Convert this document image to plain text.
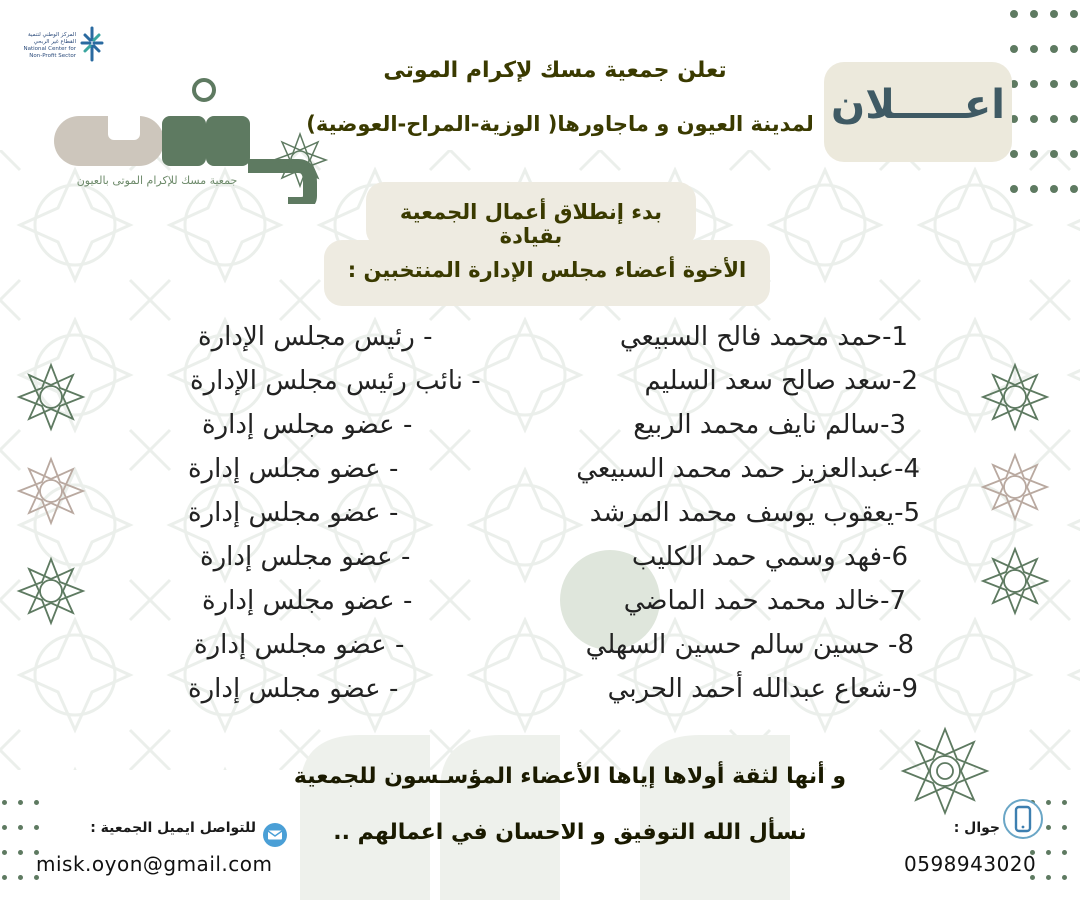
المركز الوطني لتنمية
القطاع غير الربحي
National Center for
Non-Profit Sector
جمعية مسك للإكرام الموتى بالعيون
تعلن جمعية مسك لإكرام الموتى
لمدينة العيون و ماجاورها( الوزية-المراح-العوضية) اعـــــلان
بدء إنطلاق أعمال الجمعية بقيادة
الأخوة أعضاء مجلس الإدارة المنتخبين :
1-حمد محمد فالح السبيعي
- رئيس مجلس الإدارة
2-سعد صالح سعد السليم
- نائب رئيس مجلس الإدارة
3-سالم نايف محمد الربيع
- عضو مجلس إدارة
4-عبدالعزيز حمد محمد السبيعي
- عضو مجلس إدارة
5-يعقوب يوسف محمد المرشد
- عضو مجلس إدارة
6-فهد وسمي حمد الكليب
- عضو مجلس إدارة
7-خالد محمد حمد الماضي
- عضو مجلس إدارة
8- حسين سالم حسين السهلي
- عضو مجلس إدارة
9-شعاع عبدالله أحمد الحربي
- عضو مجلس إدارة
و أنها لثقة أولاها إياها الأعضاء المؤسـسون للجمعية
نسأل الله التوفيق و الاحسان في اعمالهم ..
للتواصل ايميل الجمعية :
misk.oyon@gmail.com
جوال :
0598943020
